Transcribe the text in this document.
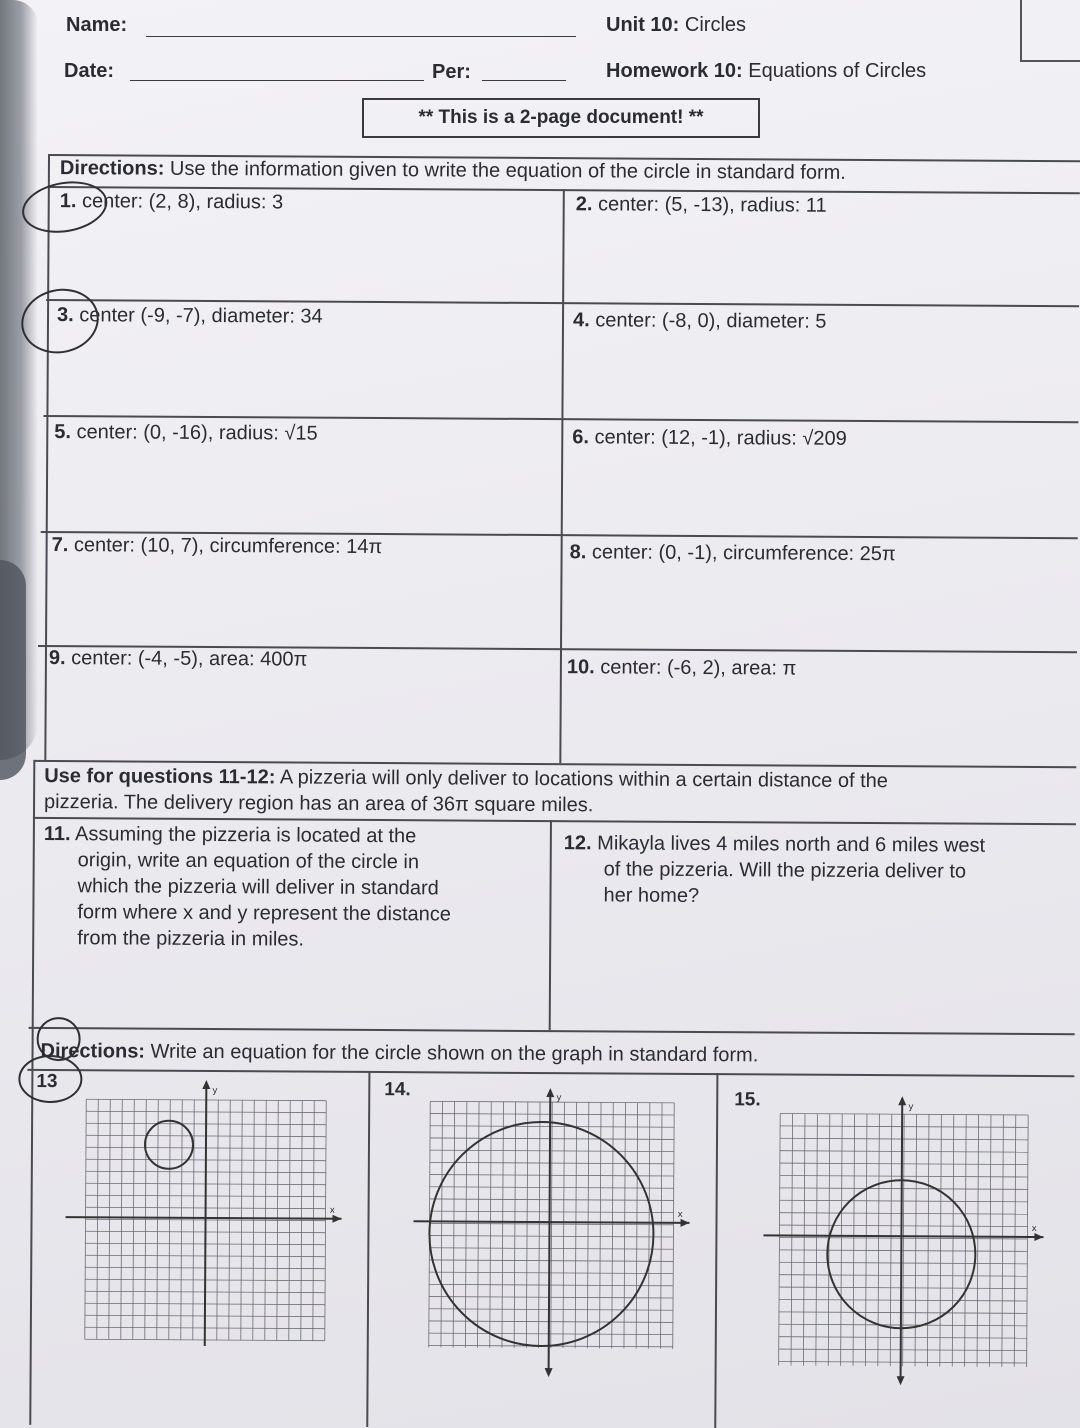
Name:
Date:	Per:
Unit 10: Circles
Homework 10: Equations of Circles
** This is a 2-page document! **
Directions: Use the information given to write the equation of the circle in standard form.
1. center: (2, 8), radius: 3	2. center: (5, -13), radius: 11
3. center (-9, -7), diameter: 34	4. center: (-8, 0), diameter: 5
5. center: (0, -16), radius: √15	6. center: (12, -1), radius: √209
7. center: (10, 7), circumference: 14π	8. center: (0, -1), circumference: 25π
9. center: (-4, -5), area: 400π	10. center: (-6, 2), area: π
Use for questions 11-12: A pizzeria will only deliver to locations within a certain distance of the
pizzeria. The delivery region has an area of 36π square miles.
11. Assuming the pizzeria is located at the
origin, write an equation of the circle in
which the pizzeria will deliver in standard
form where x and y represent the distance
from the pizzeria in miles.
12. Mikayla lives 4 miles north and 6 miles west
of the pizzeria. Will the pizzeria deliver to
her home?
Directions: Write an equation for the circle shown on the graph in standard form.
13	14.	15.
y
x
y
x
y
x
